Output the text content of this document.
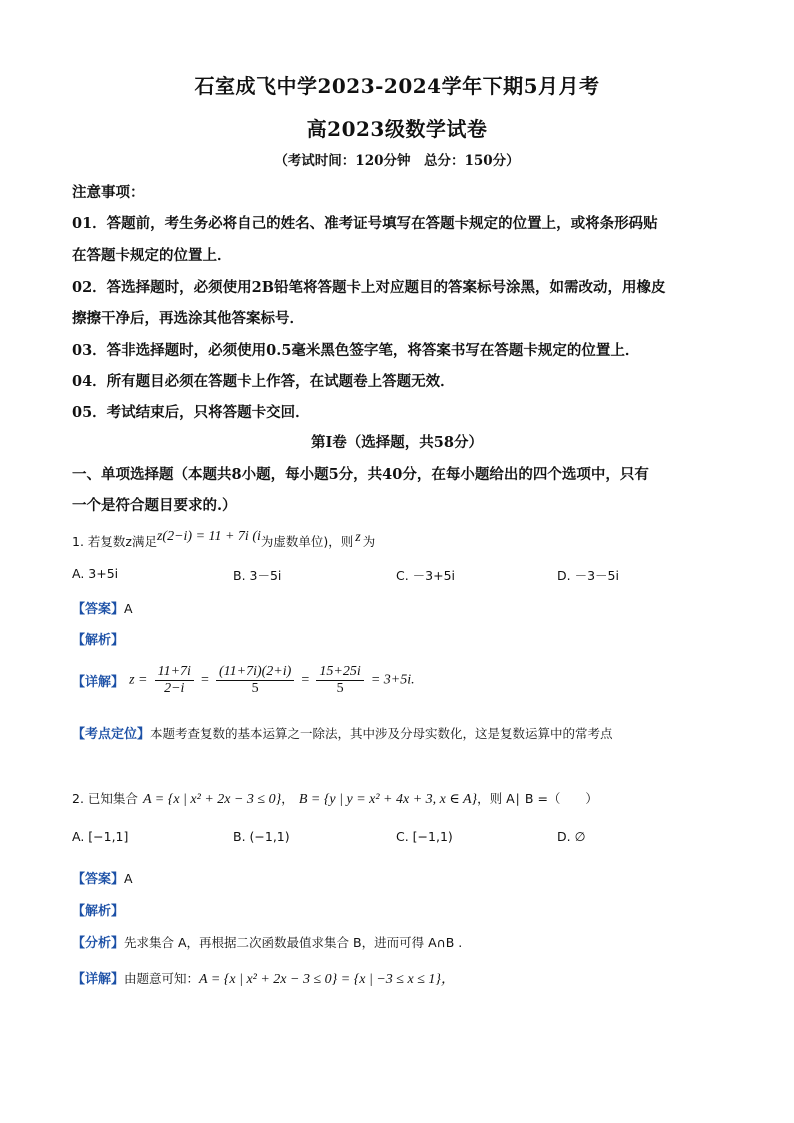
石室成飞中学2023-2024学年下期5月月考
高2023级数学试卷
（考试时间：120分钟　总分：150分）
注意事项：
01．答题前，考生务必将自己的姓名、准考证号填写在答题卡规定的位置上，或将条形码贴
在答题卡规定的位置上．
02．答选择题时，必须使用2B铅笔将答题卡上对应题目的答案标号涂黑，如需改动，用橡皮
擦擦干净后，再选涂其他答案标号．
03．答非选择题时，必须使用0.5毫米黑色签字笔，将答案书写在答题卡规定的位置上．
04．所有题目必须在答题卡上作答，在试题卷上答题无效．
05．考试结束后，只将答题卡交回．
第Ⅰ卷（选择题，共58分）
一、单项选择题（本题共8小题，每小题5分，共40分，在每小题给出的四个选项中，只有
一个是符合题目要求的.）
1. 若复数z满足z(2−i) = 11 + 7i (i为虚数单位)，则 z 为
A. 3+5i	B. 3－5i	C. －3+5i	D. －3－5i
【答案】A
【解析】
【详解】 $z = \frac{11+7i}{2-i} = \frac{(11+7i)(2+i)}{5} = \frac{15+25i}{5} = 3+5i$.
【考点定位】本题考查复数的基本运算之一除法，其中涉及分母实数化，这是复数运算中的常考点
2. 已知集合 A = {x | x² + 2x − 3 ≤ 0}， B = {y | y = x² + 4x + 3, x ∈ A}，则 A∣ B =（　　）
A. [−1,1]	B. (−1,1)	C. [−1,1)	D. ∅
【答案】A
【解析】
【分析】先求集合 A，再根据二次函数最值求集合 B，进而可得 A∩B .
【详解】由题意可知：A = {x | x² + 2x − 3 ≤ 0} = {x | −3 ≤ x ≤ 1}，
